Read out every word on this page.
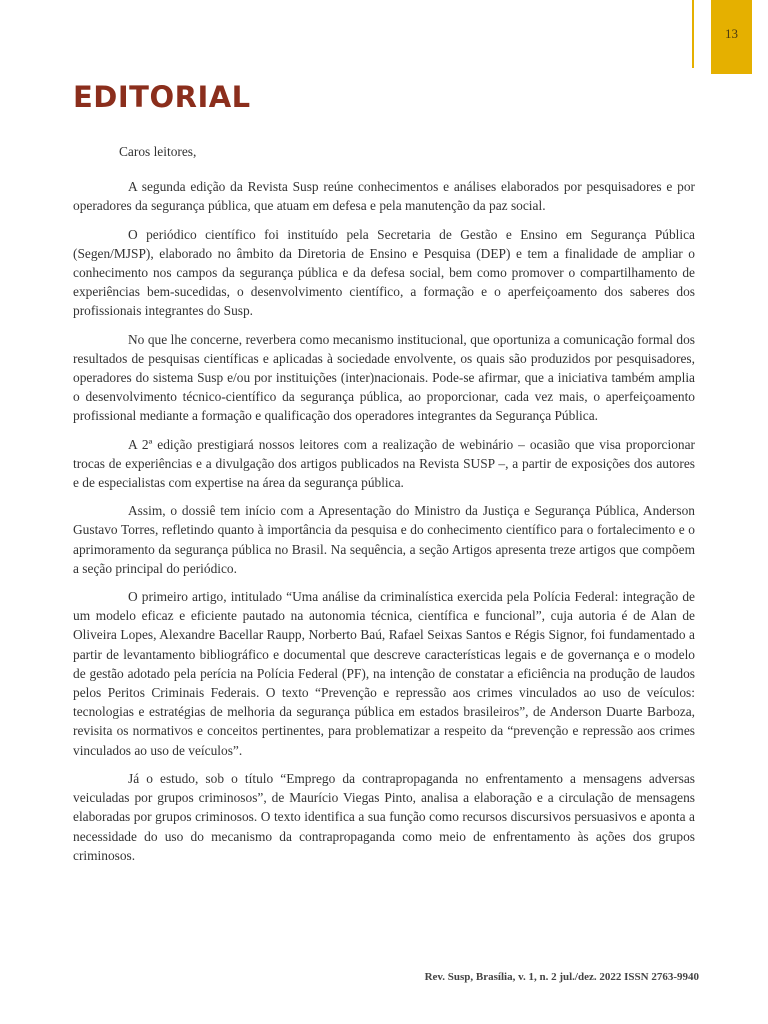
13
EDITORIAL

Caros leitores,

A segunda edição da Revista Susp reúne conhecimentos e análises elaborados por pesquisadores e por operadores da segurança pública, que atuam em defesa e pela manutenção da paz social.

O periódico científico foi instituído pela Secretaria de Gestão e Ensino em Segurança Pública (Segen/MJSP), elaborado no âmbito da Diretoria de Ensino e Pesquisa (DEP) e tem a finalidade de ampliar o conhecimento nos campos da segurança pública e da defesa social, bem como promover o compartilhamento de experiências bem-sucedidas, o desenvolvimento científico, a formação e o aperfeiçoamento dos saberes dos profissionais integrantes do Susp.

No que lhe concerne, reverbera como mecanismo institucional, que oportuniza a comunicação formal dos resultados de pesquisas científicas e aplicadas à sociedade envolvente, os quais são produzidos por pesquisadores, operadores do sistema Susp e/ou por instituições (inter)nacionais. Pode-se afirmar, que a iniciativa também amplia o desenvolvimento técnico-científico da segurança pública, ao proporcionar, cada vez mais, o aperfeiçoamento profissional mediante a formação e qualificação dos operadores integrantes da Segurança Pública.

A 2ª edição prestigiará nossos leitores com a realização de webinário – ocasião que visa proporcionar trocas de experiências e a divulgação dos artigos publicados na Revista SUSP –, a partir de exposições dos autores e de especialistas com expertise na área da segurança pública.

Assim, o dossiê tem início com a Apresentação do Ministro da Justiça e Segurança Pública, Anderson Gustavo Torres, refletindo quanto à importância da pesquisa e do conhecimento científico para o fortalecimento e o aprimoramento da segurança pública no Brasil. Na sequência, a seção Artigos apresenta treze artigos que compõem a seção principal do periódico.

O primeiro artigo, intitulado “Uma análise da criminalística exercida pela Polícia Federal: integração de um modelo eficaz e eficiente pautado na autonomia técnica, científica e funcional”, cuja autoria é de Alan de Oliveira Lopes, Alexandre Bacellar Raupp, Norberto Baú, Rafael Seixas Santos e Régis Signor, foi fundamentado a partir de levantamento bibliográfico e documental que descreve características legais e de governança e o modelo de gestão adotado pela perícia na Polícia Federal (PF), na intenção de constatar a eficiência na produção de laudos pelos Peritos Criminais Federais. O texto “Prevenção e repressão aos crimes vinculados ao uso de veículos: tecnologias e estratégias de melhoria da segurança pública em estados brasileiros”, de Anderson Duarte Barboza, revisita os normativos e conceitos pertinentes, para problematizar a respeito da “prevenção e repressão aos crimes vinculados ao uso de veículos”.

Já o estudo, sob o título “Emprego da contrapropaganda no enfrentamento a mensagens adversas veiculadas por grupos criminosos”, de Maurício Viegas Pinto, analisa a elaboração e a circulação de mensagens elaboradas por grupos criminosos. O texto identifica a sua função como recursos discursivos persuasivos e aponta a necessidade do uso do mecanismo da contrapropaganda como meio de enfrentamento às ações dos grupos criminosos.

Rev. Susp, Brasília, v. 1, n. 2 jul./dez. 2022 ISSN 2763-9940
